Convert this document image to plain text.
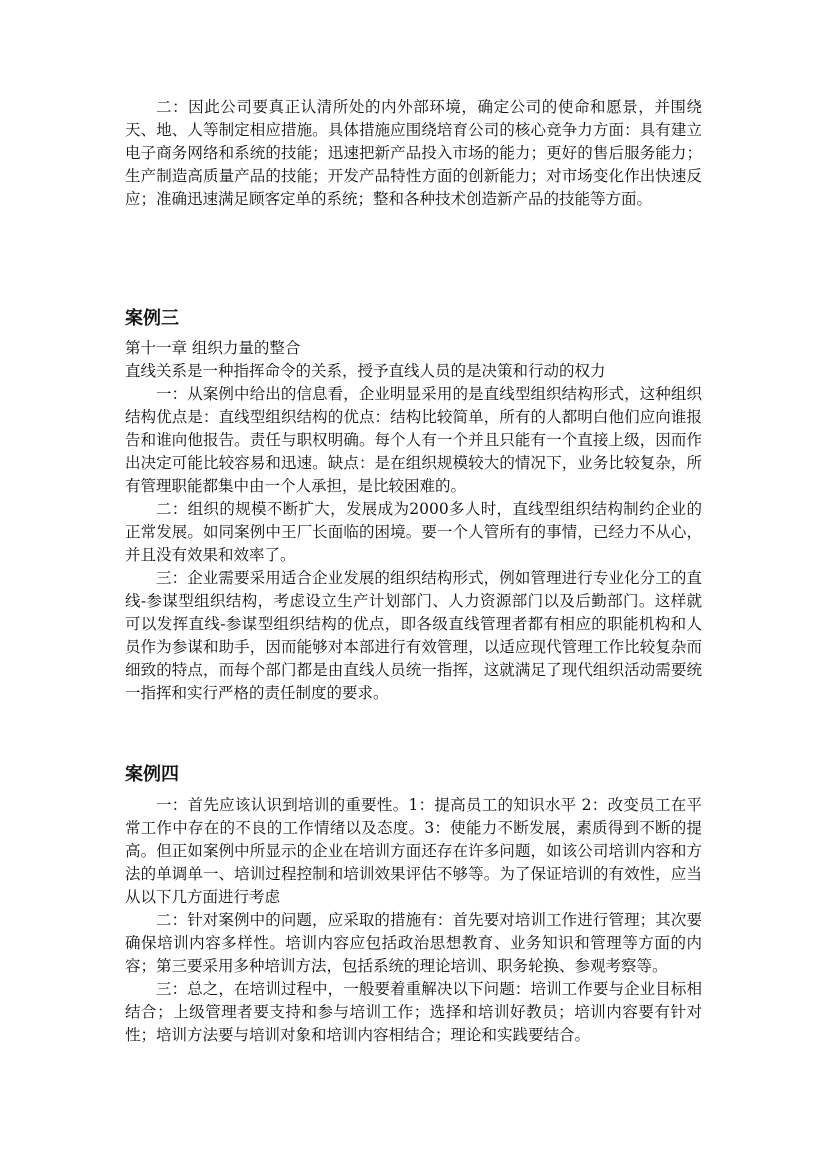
二：因此公司要真正认清所处的内外部环境，确定公司的使命和愿景，并围绕天、地、人等制定相应措施。具体措施应围绕培育公司的核心竞争力方面：具有建立电子商务网络和系统的技能；迅速把新产品投入市场的能力；更好的售后服务能力；生产制造高质量产品的技能；开发产品特性方面的创新能力；对市场变化作出快速反应；准确迅速满足顾客定单的系统；整和各种技术创造新产品的技能等方面。

案例三

第十一章 组织力量的整合

直线关系是一种指挥命令的关系，授予直线人员的是决策和行动的权力

一：从案例中给出的信息看，企业明显采用的是直线型组织结构形式，这种组织结构优点是：直线型组织结构的优点：结构比较简单，所有的人都明白他们应向谁报告和谁向他报告。责任与职权明确。每个人有一个并且只能有一个直接上级，因而作出决定可能比较容易和迅速。缺点：是在组织规模较大的情况下，业务比较复杂，所有管理职能都集中由一个人承担，是比较困难的。

二：组织的规模不断扩大，发展成为2000多人时，直线型组织结构制约企业的正常发展。如同案例中王厂长面临的困境。要一个人管所有的事情，已经力不从心，并且没有效果和效率了。

三：企业需要采用适合企业发展的组织结构形式，例如管理进行专业化分工的直线-参谋型组织结构，考虑设立生产计划部门、人力资源部门以及后勤部门。这样就可以发挥直线-参谋型组织结构的优点，即各级直线管理者都有相应的职能机构和人员作为参谋和助手，因而能够对本部进行有效管理，以适应现代管理工作比较复杂而细致的特点，而每个部门都是由直线人员统一指挥，这就满足了现代组织活动需要统一指挥和实行严格的责任制度的要求。

案例四

一：首先应该认识到培训的重要性。1：提高员工的知识水平 2：改变员工在平常工作中存在的不良的工作情绪以及态度。3：使能力不断发展，素质得到不断的提高。但正如案例中所显示的企业在培训方面还存在许多问题，如该公司培训内容和方法的单调单一、培训过程控制和培训效果评估不够等。为了保证培训的有效性，应当从以下几方面进行考虑

二：针对案例中的问题，应采取的措施有：首先要对培训工作进行管理；其次要确保培训内容多样性。培训内容应包括政治思想教育、业务知识和管理等方面的内容；第三要采用多种培训方法，包括系统的理论培训、职务轮换、参观考察等。

三：总之，在培训过程中，一般要着重解决以下问题：培训工作要与企业目标相结合；上级管理者要支持和参与培训工作；选择和培训好教员；培训内容要有针对性；培训方法要与培训对象和培训内容相结合；理论和实践要结合。
